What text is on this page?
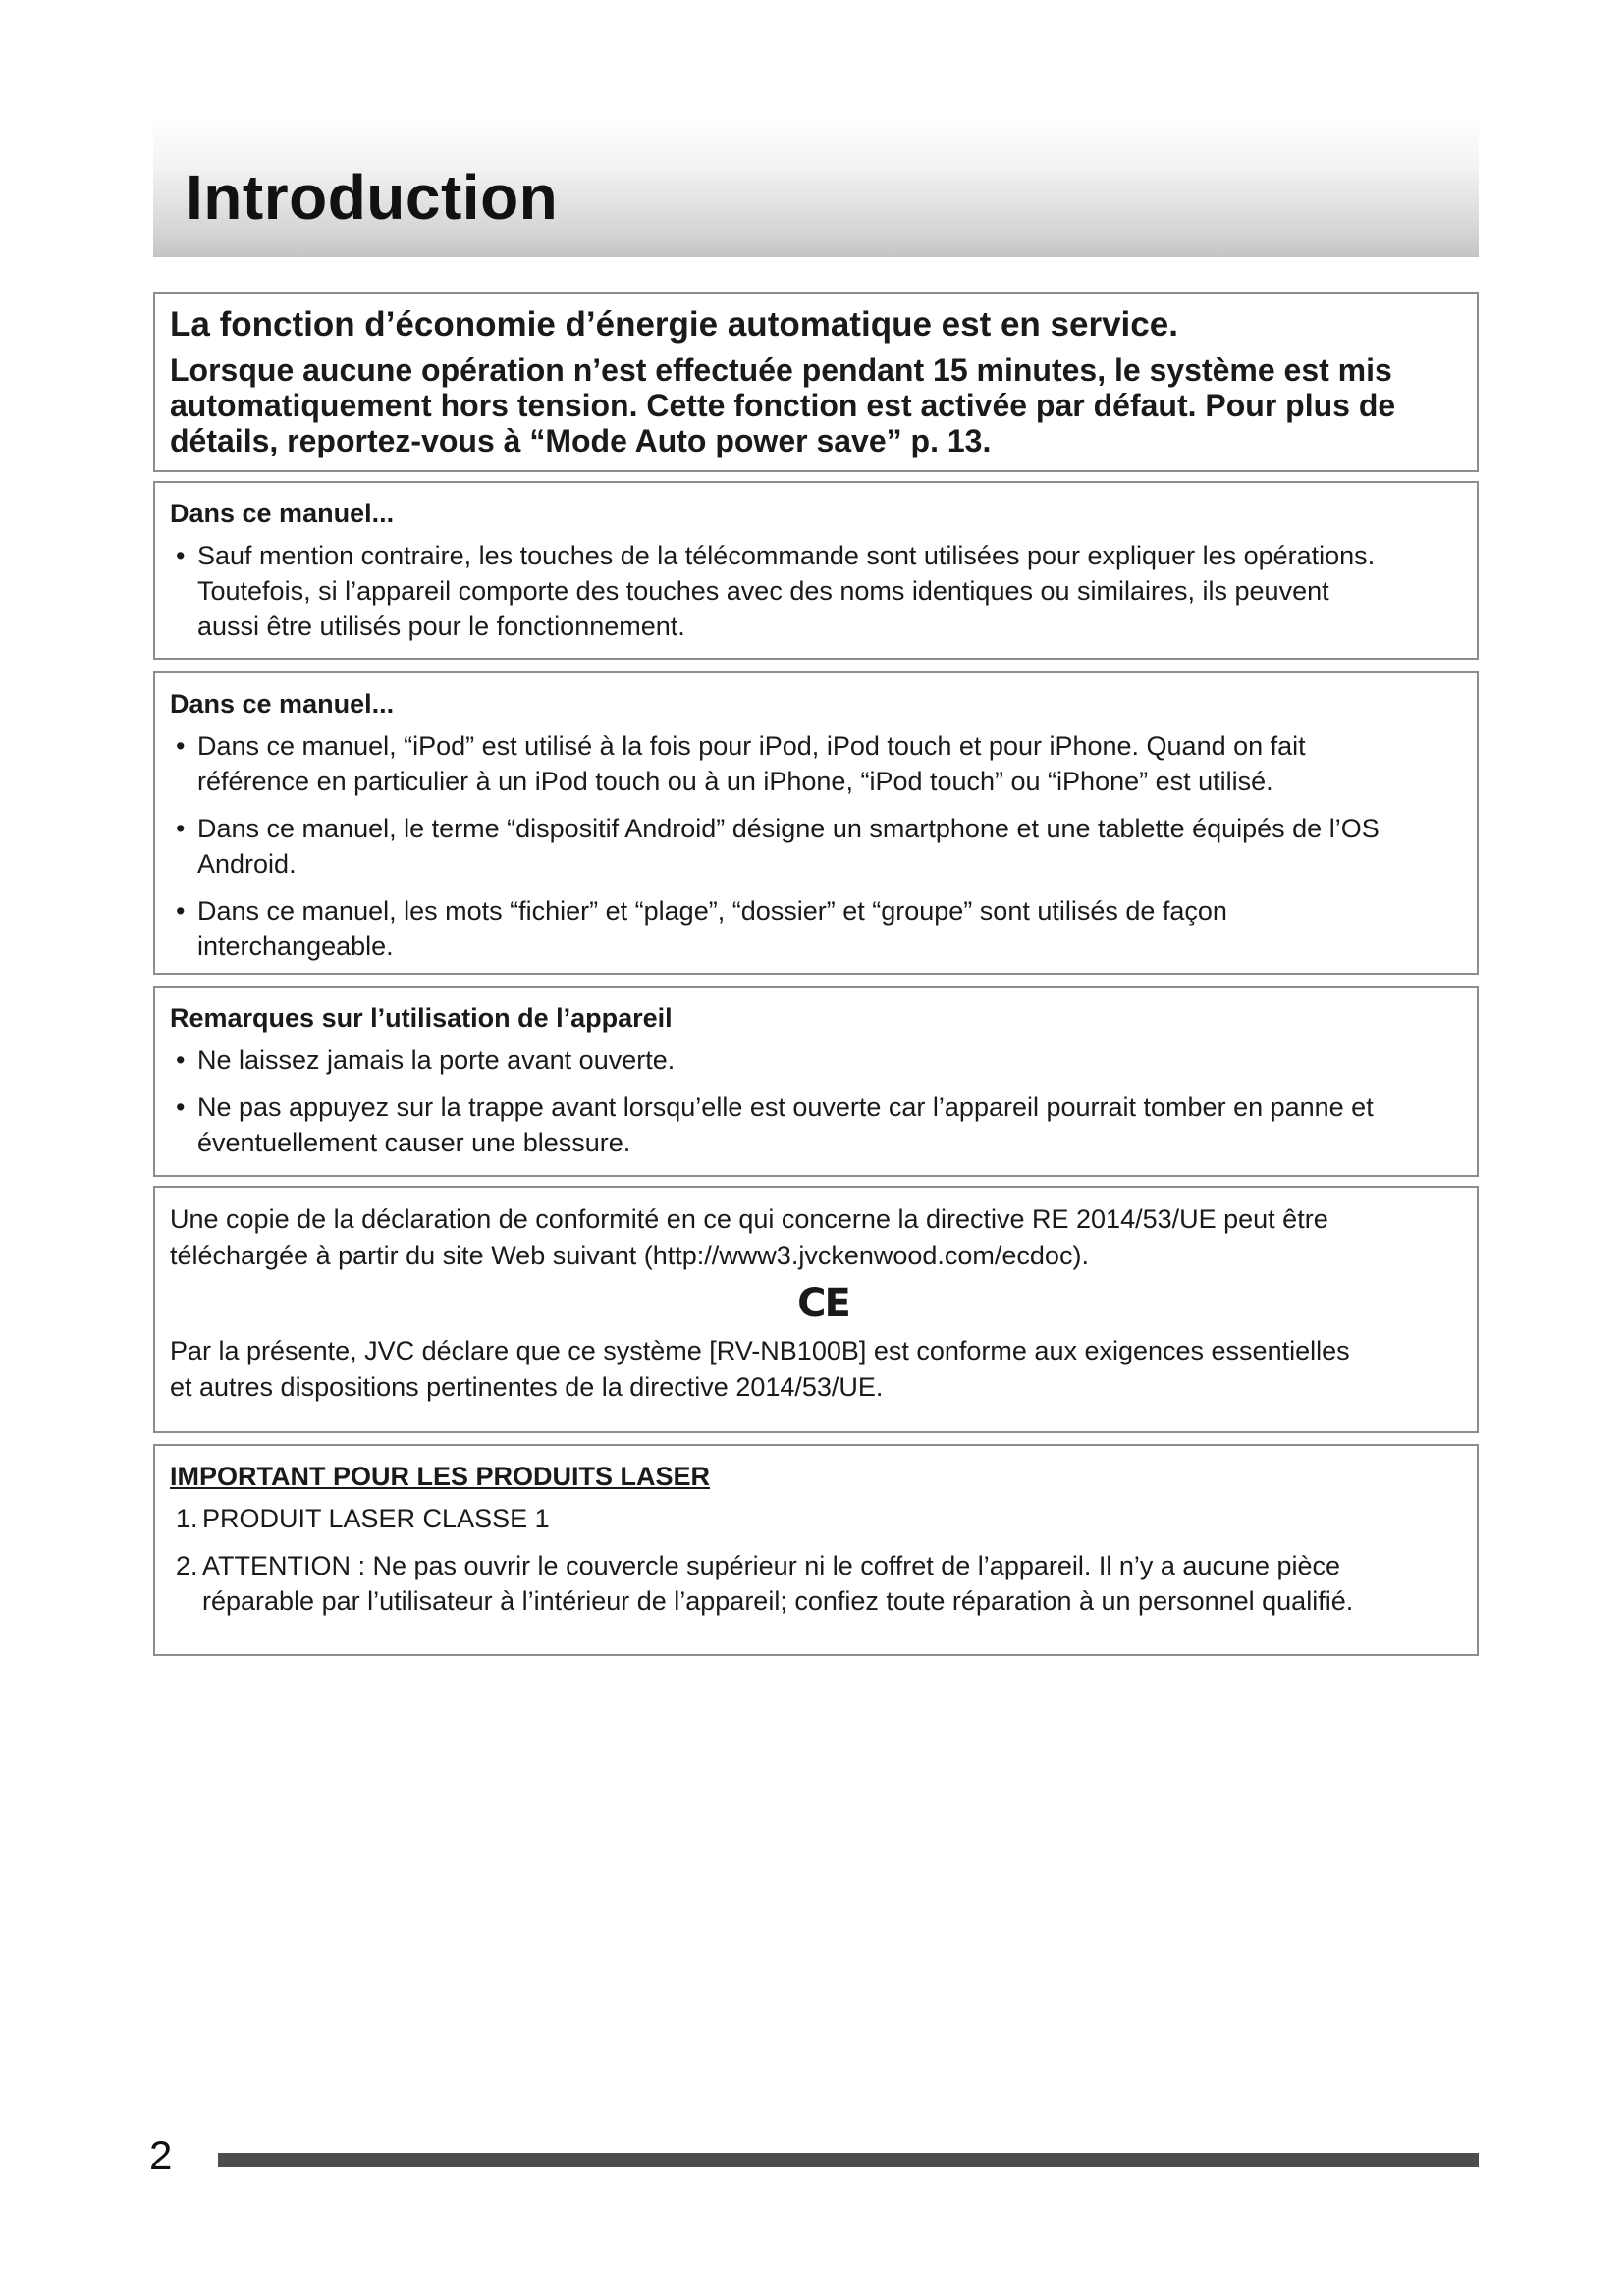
Introduction
La fonction d’économie d’énergie automatique est en service.

Lorsque aucune opération n’est effectuée pendant 15 minutes, le système est mis

automatiquement hors tension. Cette fonction est activée par défaut. Pour plus de

détails, reportez-vous à “Mode Auto power save” p. 13.

Dans ce manuel...
• Sauf mention contraire, les touches de la télécommande sont utilisées pour expliquer les opérations.
Toutefois, si l’appareil comporte des touches avec des noms identiques ou similaires, ils peuvent
aussi être utilisés pour le fonctionnement.
Dans ce manuel...
• Dans ce manuel, “iPod” est utilisé à la fois pour iPod, iPod touch et pour iPhone. Quand on fait
référence en particulier à un iPod touch ou à un iPhone, “iPod touch” ou “iPhone” est utilisé.
• Dans ce manuel, le terme “dispositif Android” désigne un smartphone et une tablette équipés de l’OS
Android.
• Dans ce manuel, les mots “fichier” et “plage”, “dossier” et “groupe” sont utilisés de façon
interchangeable.
Remarques sur l’utilisation de l’appareil
• Ne laissez jamais la porte avant ouverte.
• Ne pas appuyez sur la trappe avant lorsqu’elle est ouverte car l’appareil pourrait tomber en panne et
éventuellement causer une blessure.

Une copie de la déclaration de conformité en ce qui concerne la directive RE 2014/53/UE peut être

téléchargée à partir du site Web suivant (http://www3.jvckenwood.com/ecdoc).

CE

Par la présente, JVC déclare que ce système [RV-NB100B] est conforme aux exigences essentielles

et autres dispositions pertinentes de la directive 2014/53/UE.

IMPORTANT POUR LES PRODUITS LASER
1. PRODUIT LASER CLASSE 1
2. ATTENTION : Ne pas ouvrir le couvercle supérieur ni le coffret de l’appareil. Il n’y a aucune pièce
réparable par l’utilisateur à l’intérieur de l’appareil; confiez toute réparation à un personnel qualifié.
2
